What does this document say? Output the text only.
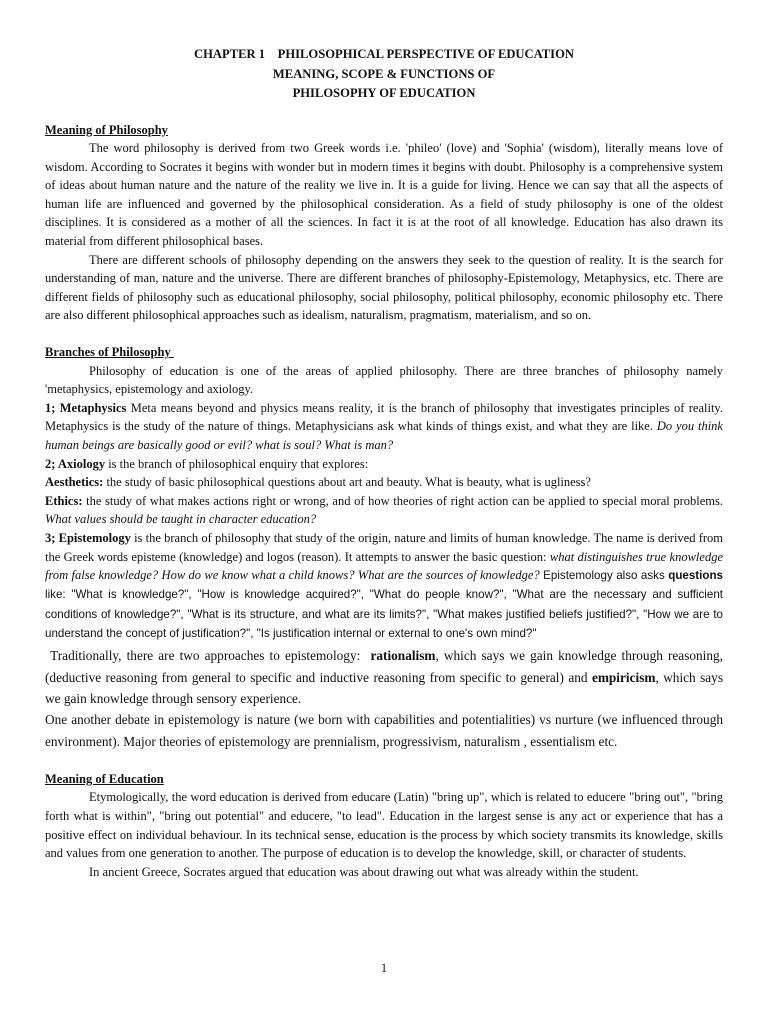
CHAPTER 1    PHILOSOPHICAL PERSPECTIVE OF EDUCATION
MEANING, SCOPE & FUNCTIONS OF
PHILOSOPHY OF EDUCATION
Meaning of Philosophy

The word philosophy is derived from two Greek words i.e. 'phileo' (love) and 'Sophia' (wisdom), literally means love of wisdom. According to Socrates it begins with wonder but in modern times it begins with doubt. Philosophy is a comprehensive system of ideas about human nature and the nature of the reality we live in. It is a guide for living. Hence we can say that all the aspects of human life are influenced and governed by the philosophical consideration. As a field of study philosophy is one of the oldest disciplines. It is considered as a mother of all the sciences. In fact it is at the root of all knowledge. Education has also drawn its material from different philosophical bases.

There are different schools of philosophy depending on the answers they seek to the question of reality. It is the search for understanding of man, nature and the universe. There are different branches of philosophy-Epistemology, Metaphysics, etc. There are different fields of philosophy such as educational philosophy, social philosophy, political philosophy, economic philosophy etc. There are also different philosophical approaches such as idealism, naturalism, pragmatism, materialism, and so on.

Branches of Philosophy

Philosophy of education is one of the areas of applied philosophy. There are three branches of philosophy namely 'metaphysics, epistemology and axiology.

1; Metaphysics Meta means beyond and physics means reality, it is the branch of philosophy that investigates principles of reality. Metaphysics is the study of the nature of things. Metaphysicians ask what kinds of things exist, and what they are like. Do you think human beings are basically good or evil? what is soul? What is man?

2; Axiology is the branch of philosophical enquiry that explores:

Aesthetics: the study of basic philosophical questions about art and beauty. What is beauty, what is ugliness?

Ethics: the study of what makes actions right or wrong, and of how theories of right action can be applied to special moral problems. What values should be taught in character education?

3; Epistemology is the branch of philosophy that study of the origin, nature and limits of human knowledge. The name is derived from the Greek words episteme (knowledge) and logos (reason). It attempts to answer the basic question: what distinguishes true knowledge from false knowledge? How do we know what a child knows? What are the sources of knowledge? Epistemology also asks questions like: "What is knowledge?", "How is knowledge acquired?", "What do people know?", "What are the necessary and sufficient conditions of knowledge?", "What is its structure, and what are its limits?", "What makes justified beliefs justified?", "How we are to understand the concept of justification?", "Is justification internal or external to one's own mind?"

Traditionally, there are two approaches to epistemology:  rationalism, which says we gain knowledge through reasoning, (deductive reasoning from general to specific and inductive reasoning from specific to general) and empiricism, which says we gain knowledge through sensory experience.

One another debate in epistemology is nature (we born with capabilities and potentialities) vs nurture (we influenced through environment). Major theories of epistemology are prennialism, progressivism, naturalism , essentialism etc.

Meaning of Education

Etymologically, the word education is derived from educare (Latin) "bring up", which is related to educere "bring out", "bring forth what is within", "bring out potential" and educere, "to lead". Education in the largest sense is any act or experience that has a positive effect on individual behaviour. In its technical sense, education is the process by which society transmits its knowledge, skills and values from one generation to another. The purpose of education is to develop the knowledge, skill, or character of students.

In ancient Greece, Socrates argued that education was about drawing out what was already within the student.

1
